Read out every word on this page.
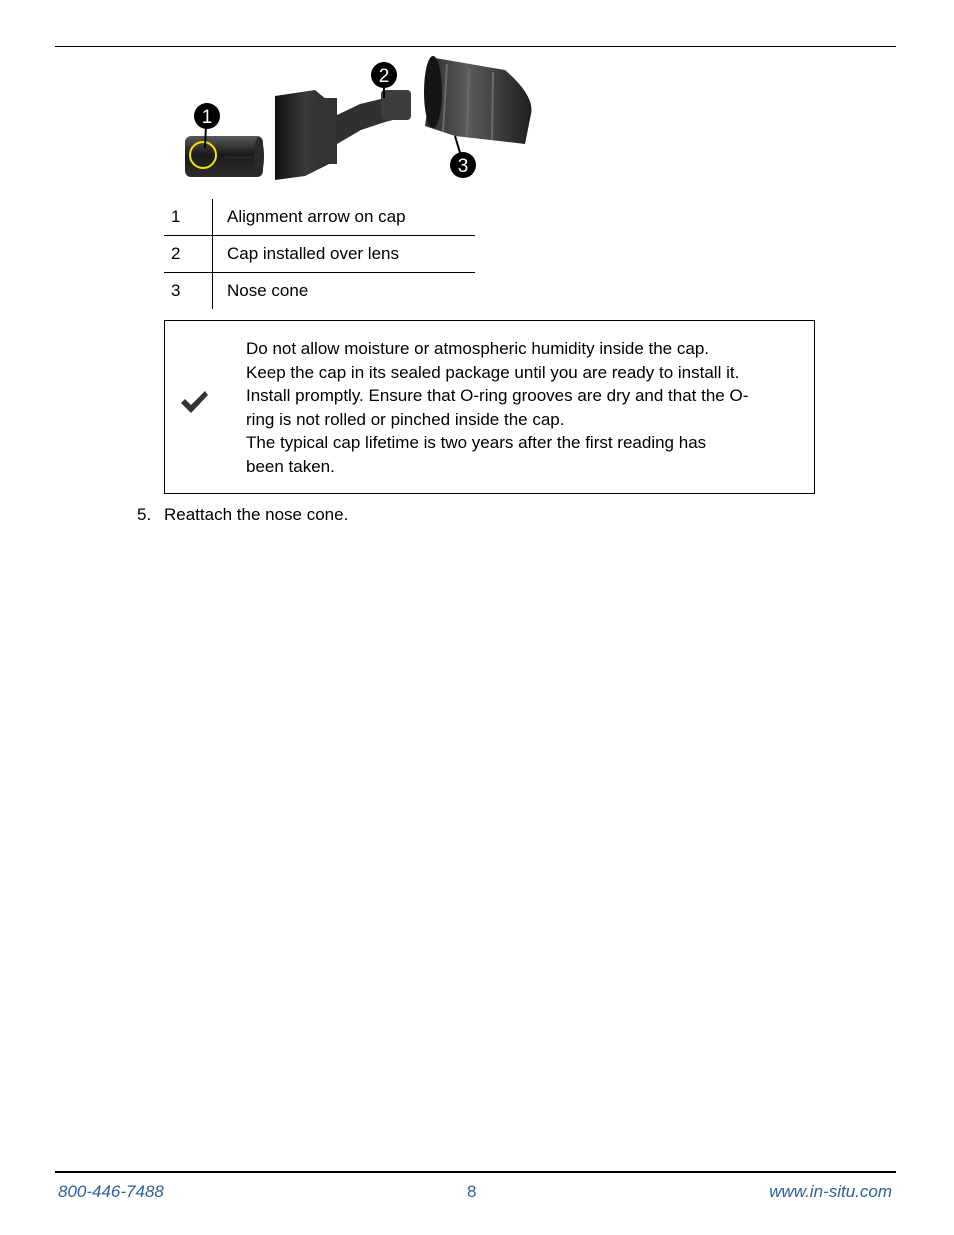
~~~~~~~
1
2
3
1	Alignment arrow on cap
2	Cap installed over lens
3	Nose cone

Do not allow moisture or atmospheric humidity inside the cap.

Keep the cap in its sealed package until you are ready to install it.

Install promptly. Ensure that O-ring grooves are dry and that the O-

ring is not rolled or pinched inside the cap.

The typical cap lifetime is two years after the first reading has

been taken.

5. Reattach the nose cone.
800-446-7488	8	www.in-situ.com
